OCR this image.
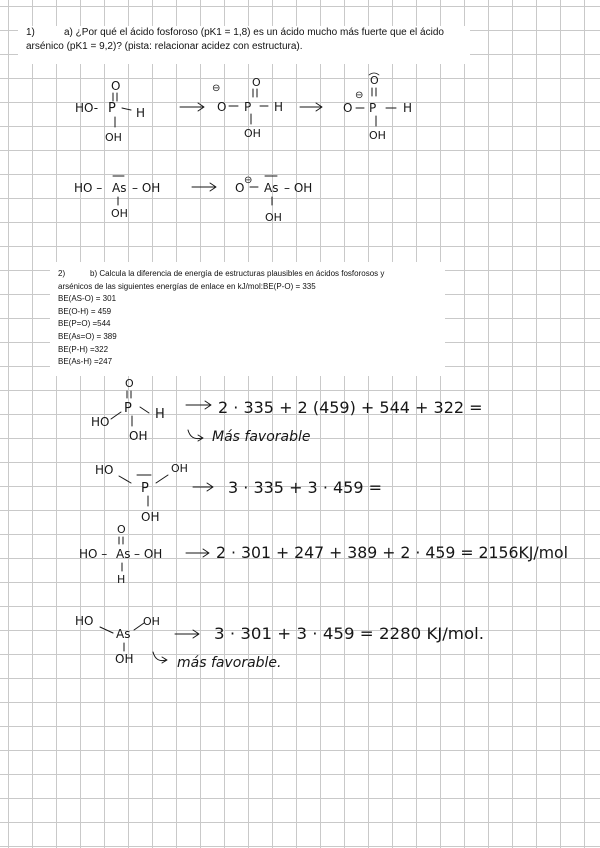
1)	a) ¿Por qué el ácido fosforoso (pK1 = 1,8) es un ácido mucho más fuerte que el ácido
arsénico (pK1 = 9,2)? (pista: relacionar acidez con estructura).
2)	b) Calcula la diferencia de energía de estructuras plausibles en ácidos fosforosos y
arsénicos de las siguientes energías de enlace en kJ/mol:BE(P-O) = 335
BE(AS-O) = 301
BE(O-H) = 459
BE(P=O) =544
BE(As=O) = 389
BE(P-H) =322
BE(As-H) =247
O
HO- P H
OH
⊖
O P
O
H
OH
O
⊖
O P H
OH
HO – As – OH
OH
⊖
O As – OH
OH
O
HO
P H
OH
2 · 335 + 2 (459) + 544 + 322 =
Más favorable
HO
P
OH
OH
3 · 335 + 3 · 459 =
O
HO – As – OH
H
2 · 301 + 247 + 389 + 2 · 459 = 2156KJ/mol
HO
As
OH
OH
3 · 301 + 3 · 459 = 2280 KJ/mol.
más favorable.
